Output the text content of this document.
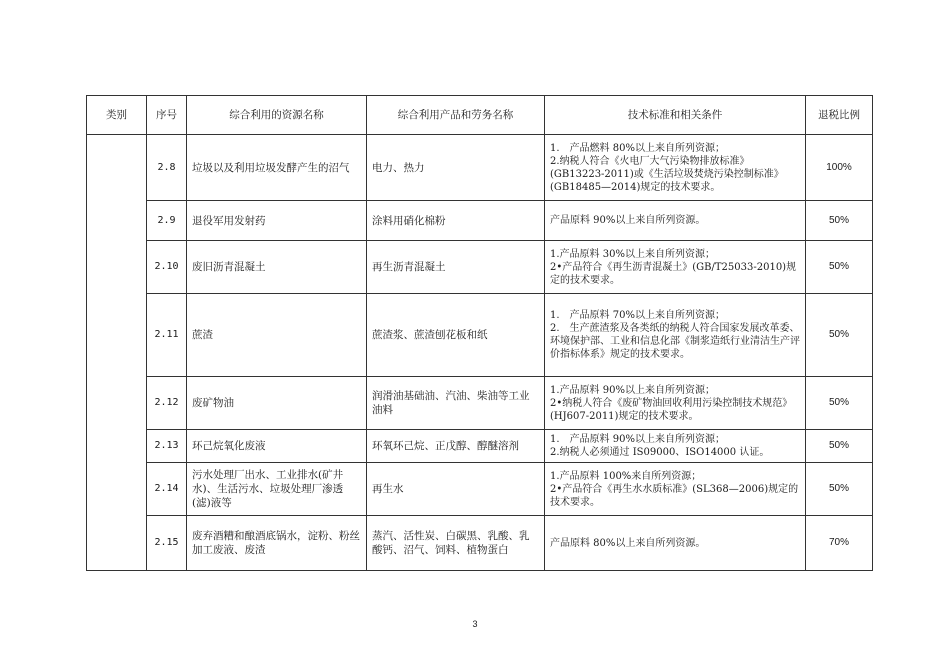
类别	序号	综合利用的资源名称	综合利用产品和劳务名称	技术标准和相关条件	退税比例
	2.8	垃圾以及利用垃圾发酵产生的沼气	电力、热力	1.　产品燃料 80%以上来自所列资源；
2.纳税人符合《火电厂大气污染物排放标准》(GB13223-2011)或《生活垃圾焚烧污染控制标准》(GB18485—2014)规定的技术要求。	100%
	2.9	退役军用发射药	涂料用硝化棉粉	产品原料 90%以上来自所列资源。	50%
	2.10	废旧沥青混凝土	再生沥青混凝土	1.产品原料 30%以上来自所列资源；
2•产品符合《再生沥青混凝土》(GB/T25033-2010)规定的技术要求。	50%
	2.11	蔗渣	蔗渣浆、蔗渣刨花板和纸	1.　产品原料 70%以上来自所列资源；
2.　生产蔗渣浆及各类纸的纳税人符合国家发展改革委、环境保护部、工业和信息化部《制浆造纸行业清洁生产评价指标体系》规定的技术要求。	50%
	2.12	废矿物油	润滑油基础油、汽油、柴油等工业油料	1.产品原料 90%以上来自所列资源；
2•纳税人符合《废矿物油回收利用污染控制技术规范》(HJ607-2011)规定的技术要求。	50%
	2.13	环己烷氧化废液	环氧环己烷、正戊醇、醇醚溶剂	1.　产品原料 90%以上来自所列资源；
2.纳税人必须通过 IS09000、ISO14000 认证。	50%
	2.14	污水处理厂出水、工业排水(矿井水)、生活污水、垃圾处理厂渗透(滤)液等	再生水	1.产品原料 100%来自所列资源；
2•产品符合《再生水水质标准》(SL368—2006)规定的技术要求。	50%
	2.15	废弃酒糟和酿酒底锅水，淀粉、粉丝加工废液、废渣	蒸汽、活性炭、白碳黑、乳酸、乳酸钙、沼气、饲料、植物蛋白	产品原料 80%以上来自所列资源。	70%
3
